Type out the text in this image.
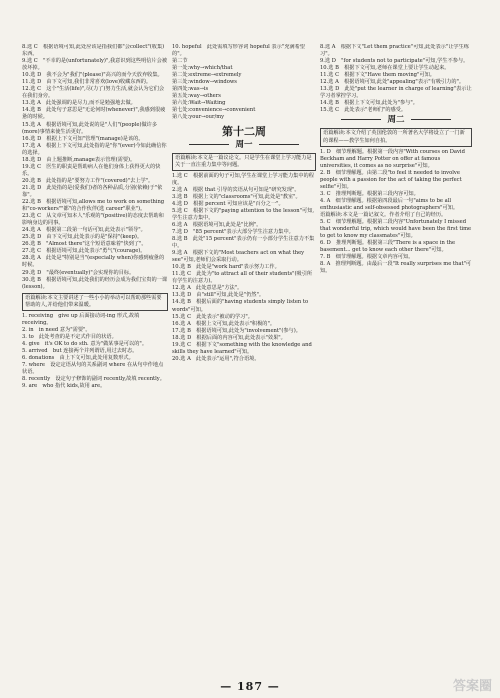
8.选 C　根据语境可知,此处应该是指我们都"会collect"(收集)东西。

9.选 C　"不幸的是(unfortunately)",我意识到这些明信片会被放坏掉。

10.选 D　我不会为"我们"(please)"高兴的而今天放弃收集。

11.选 D　由下文可知,我们非常喜欢(love)收藏东西的。

12.选 C　这个"生活(life)",尽(力了)努力生活,就会认为它们会在我们身旁。

13.选 A　此处强调的是尽力,而不是勉强地去做。

14.选 B　此处句子意思是"无论何时(whenever)",我感到很疲惫的时候。

15.选 A　根据语境可知,此处说的是"人们"(people)做许多(more)事情来使生活更好。

16.选 D　根据上下文可知"管理"(manage)是该的。

17.选 A　根据上下文可知,此处指的是"你"(ever)今如此确信你的选择。

18.选 D　由上题推断,manage表示管理(需要)。

19.选 C　医生的职责是帮助病人在他们身体上获得更大的快乐。

20.选 B　此处指的是"要努力工作"(covered)"去上学"。

21.选 D　此处指的是(爱我们)者的各种品质,分别(依赖)于"依靠"。

22.选 B　根据语境可知,allows me to work on something和"co-workers""都"的合作伙伴(选 career"职业")。

23.选 C　从文章可知本人"乐观的"(positive)的态度去帮助和影响身边的同事。

24.选 A　根据第二段第一句话可知,此处表示"领导"。

25.选 D　由下文可知,此处表示的是"保持"(keep)。

26.选 B　"Almost there"这个短语意味着"快到了"。

27.选 C　根据语境可知,此处表示"勇气"(courage)。

28.选 A　此处是"特别是当"(especially when)你感到疲惫的时候。

29.选 D　"最终(eventually)"会实现你的目标。

30.选 B　根据语境可知,此处我们的经历会成为我们宝贵的一课(lesson)。

语篇解读:本文主要讲述了一些小小的举动可以帮助那些需要帮助的人,并给他们带来温暖。

1. receiving　give up 后面接动词-ing 形式,故填 receiving。

2. in　in need 意为"需要"。

3. to　此处考查的是不定式作目的状语。

4. give　it's OK to do sth. 意为"做某事是可以的"。

5. arrived　but 连接两个并列谓语,用过去时态。

6. donations　由上下文可知,此处用复数形式。

7. where　设定定语从句的关系副词 where 在从句中作地点状语。

8. recently　设定句子修饰的副词 recently,故填 recently。

9. are　who 指代 kids,故用 are。

10. hopeful　此处需填写形容词 hopeful 表示"充满希望的"。

第二节

第一处:why→which/that

第二处:extreme→extremely

第三处:window→windows

第四处:was→is

第五处:way→others

第六处:Wait→Waiting

第七处:convenience→convenient

第八处:your→our/my

第十二周
周一
语篇解读:本文是一篇议论文。只是学生在课堂上学习能力是关于一直注重力集中等问题。

1.选 C　根据前面的句子可知,学生在课堂上学习能力集中的程度。

2.选 A　根据 that 引导的宾语从句可知是"研究发现"。

3.选 B　根据上文的"classrooms"可知,此处是"教室"。

4.选 D　根据 percent 可知应该是"百分之一"。

5.选 C　根据下文的"paying attention to the lesson"可知,学生注意力集中。

6.选 A　根据语境可知,此处是"比例"。

7.选 D　"85 percent"表示大部分学生注意力集中。

8.选 B　此处"15 percent"表示仍有一小部分学生注意力不集中。

9.选 A　根据下文的"Most teachers act on what they see"可知,老师们会采取行动。

10.选 B　此处是"work hard"表示努力工作。

11.选 C　此处为"to attract all of their students"(吸引所有学生的注意力)。

12.选 A　此处意思是"方法"。

13.选 D　由"still"可知,此处是"仍然"。

14.选 B　根据后面的"having students simply listen to words"可知。

15.选 C　此处表示"被动的学习"。

16.选 A　根据上文可知,此处表示"积极的"。

17.选 B　根据语境可知,此处为"involvement"(参与)。

18.选 D　根据后面的内容可知,此处表示"效果"。

19.选 C　根据下文"something with the knowledge and skills they have learned"可知。

20.选 A　此处表示"运用",符合语境。

8.选 A　根据下文"Let them practice"可知,此处表示"让学生练习"。

9.选 D　"for students not to participate"可知,学生不参与。

10.选 B　根据下文可知,老师在课堂上要让学生动起来。

11.选 C　根据下文"Have them moving"可知。

12.选 A　根据语境可知,此处"appealing"表示"有吸引力的"。

13.选 D　此处"put the learner in charge of learning"表示让学习者掌控学习。

14.选 B　根据上下文可知,此处为"参与"。

15.选 C　此处表示"老师们"的感受。

周二
语篇解读:本文介绍了英国伦敦的一所著名大学将设立了一门新的课程——教学生如何自拍。

1. D　细节理解题。根据第一段内容"With courses on David Beckham and Harry Potter on offer at famous universities, it comes as no surprise"可知。

2. B　细节理解题。由第二段"to feel it needed to involve people with a passion for the act of taking the perfect selfie"可知。

3. C　推理判断题。根据第三段内容可知。

4. A　细节理解题。根据第四段最后一句"aims to be all enthusiastic and self-obsessed photographers"可知。

语篇解读:本文是一篇记叙文。作者介绍了自己的经历。

5. C　细节理解题。根据第二段内容"Unfortunately I missed that wonderful trip, which would have been the first time to get to know my classmates"可知。

6. D　推理判断题。根据第三段"There is a space in the basement... get to know each other there"可知。

7. B　细节理解题。根据文章内容可知。

8. A　推理判断题。由最后一段"It really surprises me that"可知。

— 187 —	答案圈
